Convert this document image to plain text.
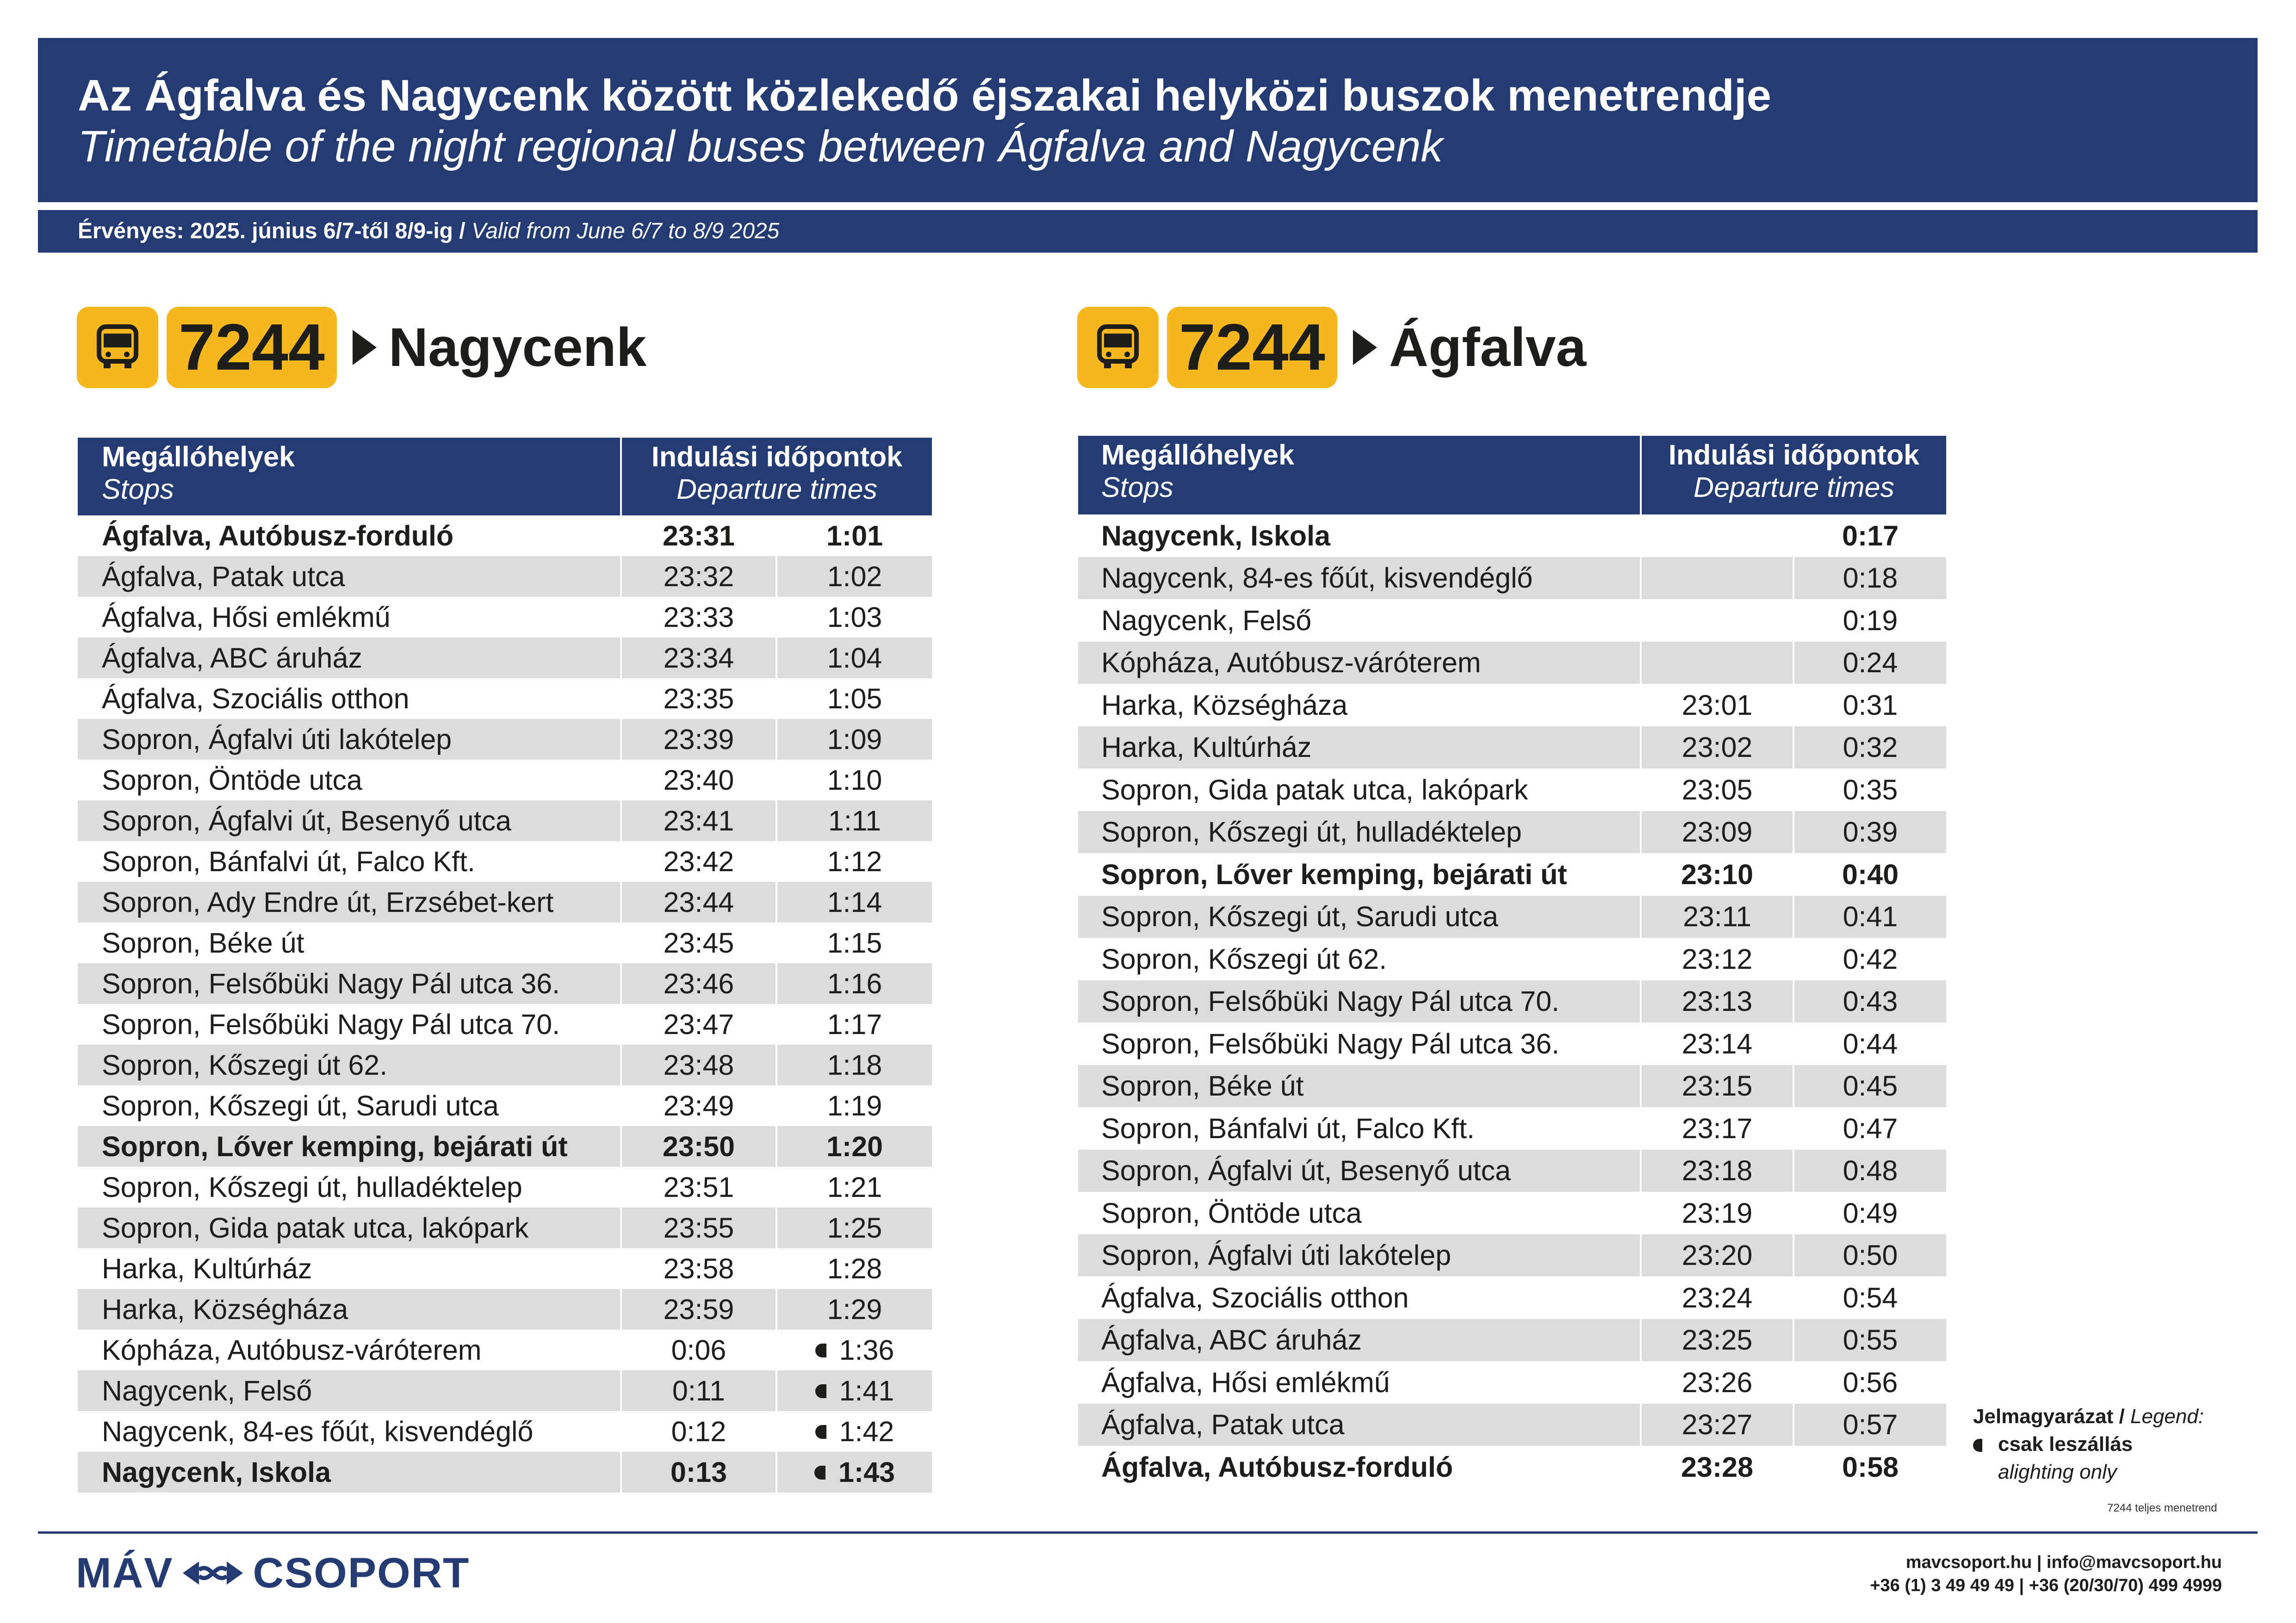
Az Ágfalva és Nagycenk között közlekedő éjszakai helyközi buszok menetrendje
Timetable of the night regional buses between Ágfalva and Nagycenk
Érvényes: 2025. június 6/7-től 8/9-ig / Valid from June 6/7 to 8/9 2025
7244 Nagycenk	7244 Ágfalva
Megállóhelyek
Stops	Indulási időpontok
Departure times	

Ágfalva, Autóbusz-forduló	23:31	1:01
Ágfalva, Patak utca	23:32	1:02
Ágfalva, Hősi emlékmű	23:33	1:03
Ágfalva, ABC áruház	23:34	1:04
Ágfalva, Szociális otthon	23:35	1:05
Sopron, Ágfalvi úti lakótelep	23:39	1:09
Sopron, Öntöde utca	23:40	1:10
Sopron, Ágfalvi út, Besenyő utca	23:41	1:11
Sopron, Bánfalvi út, Falco Kft.	23:42	1:12
Sopron, Ady Endre út, Erzsébet-kert	23:44	1:14
Sopron, Béke út	23:45	1:15
Sopron, Felsőbüki Nagy Pál utca 36.	23:46	1:16
Sopron, Felsőbüki Nagy Pál utca 70.	23:47	1:17
Sopron, Kőszegi út 62.	23:48	1:18
Sopron, Kőszegi út, Sarudi utca	23:49	1:19
Sopron, Lőver kemping, bejárati út	23:50	1:20
Sopron, Kőszegi út, hulladéktelep	23:51	1:21
Sopron, Gida patak utca, lakópark	23:55	1:25
Harka, Kultúrház	23:58	1:28
Harka, Községháza	23:59	1:29
Kópháza, Autóbusz-váróterem	0:06	1:36
Nagycenk, Felső	0:11	1:41
Nagycenk, 84-es főút, kisvendéglő	0:12	1:42
Nagycenk, Iskola	0:13	1:43
Megállóhelyek
Stops	Indulási időpontok
Departure times	

Nagycenk, Iskola		0:17
Nagycenk, 84-es főút, kisvendéglő		0:18
Nagycenk, Felső		0:19
Kópháza, Autóbusz-váróterem		0:24
Harka, Községháza	23:01	0:31
Harka, Kultúrház	23:02	0:32
Sopron, Gida patak utca, lakópark	23:05	0:35
Sopron, Kőszegi út, hulladéktelep	23:09	0:39
Sopron, Lőver kemping, bejárati út	23:10	0:40
Sopron, Kőszegi út, Sarudi utca	23:11	0:41
Sopron, Kőszegi út 62.	23:12	0:42
Sopron, Felsőbüki Nagy Pál utca 70.	23:13	0:43
Sopron, Felsőbüki Nagy Pál utca 36.	23:14	0:44
Sopron, Béke út	23:15	0:45
Sopron, Bánfalvi út, Falco Kft.	23:17	0:47
Sopron, Ágfalvi út, Besenyő utca	23:18	0:48
Sopron, Öntöde utca	23:19	0:49
Sopron, Ágfalvi úti lakótelep	23:20	0:50
Ágfalva, Szociális otthon	23:24	0:54
Ágfalva, ABC áruház	23:25	0:55
Ágfalva, Hősi emlékmű	23:26	0:56
Ágfalva, Patak utca	23:27	0:57
Ágfalva, Autóbusz-forduló	23:28	0:58
Jelmagyarázat / Legend:
csak leszállás
alighting only
7244 teljes menetrend
MÁV CSOPORT	mavcsoport.hu | info@mavcsoport.hu
+36 (1) 3 49 49 49 | +36 (20/30/70) 499 4999
